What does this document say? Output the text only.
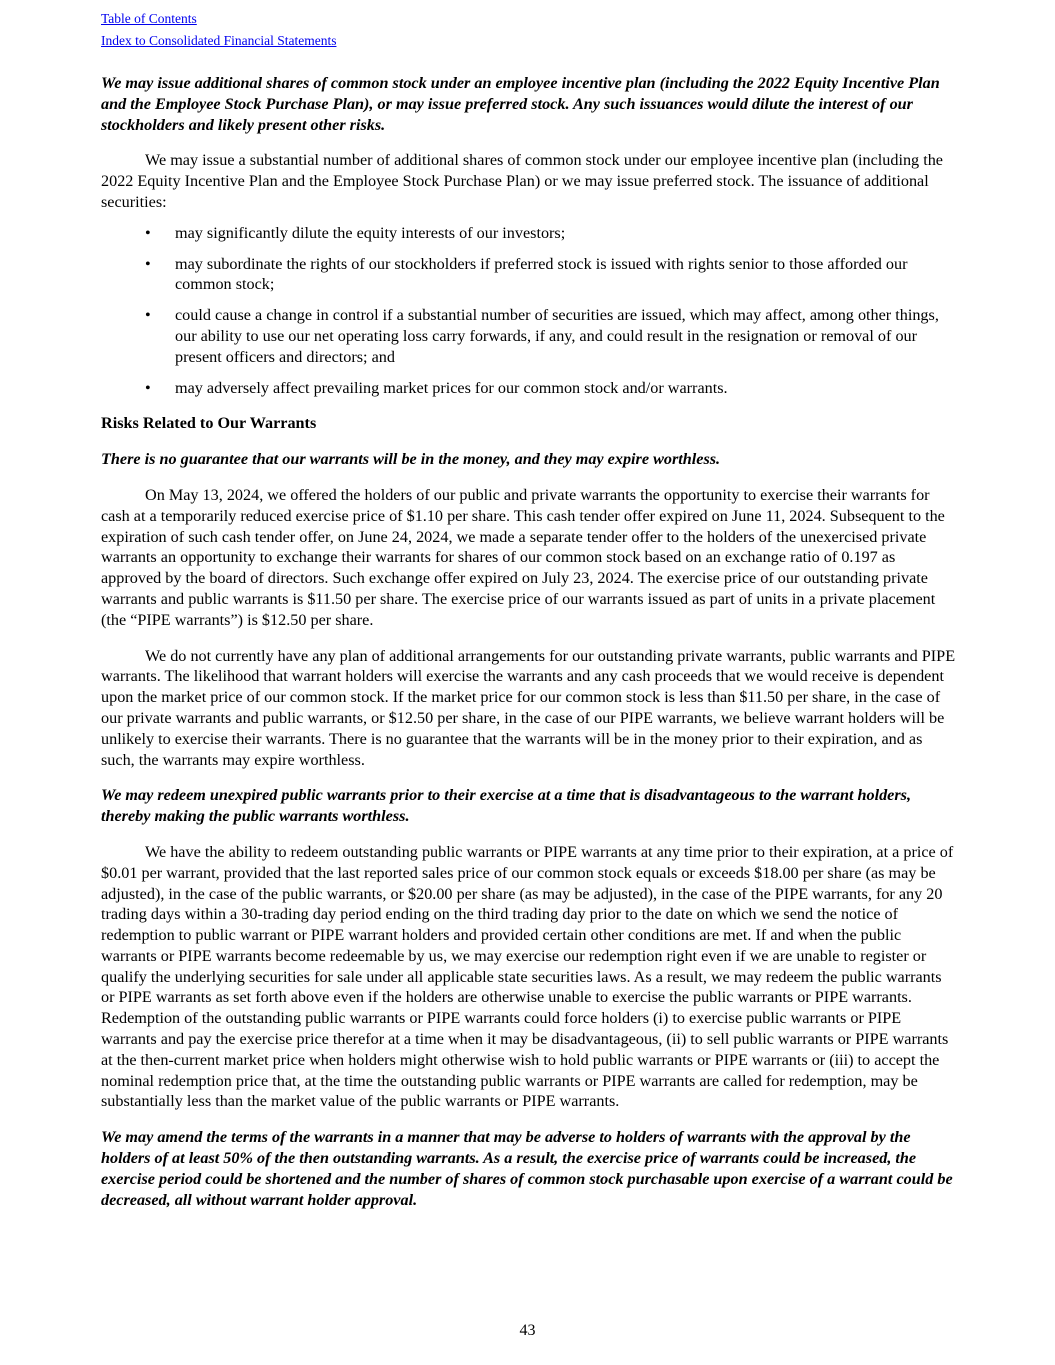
Table of Contents
Index to Consolidated Financial Statements

We may issue additional shares of common stock under an employee incentive plan (including the 2022 Equity Incentive Plan and the Employee Stock Purchase Plan), or may issue preferred stock. Any such issuances would dilute the interest of our stockholders and likely present other risks.

We may issue a substantial number of additional shares of common stock under our employee incentive plan (including the 2022 Equity Incentive Plan and the Employee Stock Purchase Plan) or we may issue preferred stock. The issuance of additional securities:

• may significantly dilute the equity interests of our investors;
• may subordinate the rights of our stockholders if preferred stock is issued with rights senior to those afforded our common stock;
• could cause a change in control if a substantial number of securities are issued, which may affect, among other things, our ability to use our net operating loss carry forwards, if any, and could result in the resignation or removal of our present officers and directors; and
• may adversely affect prevailing market prices for our common stock and/or warrants.

Risks Related to Our Warrants

There is no guarantee that our warrants will be in the money, and they may expire worthless.

On May 13, 2024, we offered the holders of our public and private warrants the opportunity to exercise their warrants for cash at a temporarily reduced exercise price of $1.10 per share. This cash tender offer expired on June 11, 2024. Subsequent to the expiration of such cash tender offer, on June 24, 2024, we made a separate tender offer to the holders of the unexercised private warrants an opportunity to exchange their warrants for shares of our common stock based on an exchange ratio of 0.197 as approved by the board of directors. Such exchange offer expired on July 23, 2024. The exercise price of our outstanding private warrants and public warrants is $11.50 per share. The exercise price of our warrants issued as part of units in a private placement (the “PIPE warrants”) is $12.50 per share.

We do not currently have any plan of additional arrangements for our outstanding private warrants, public warrants and PIPE warrants. The likelihood that warrant holders will exercise the warrants and any cash proceeds that we would receive is dependent upon the market price of our common stock. If the market price for our common stock is less than $11.50 per share, in the case of our private warrants and public warrants, or $12.50 per share, in the case of our PIPE warrants, we believe warrant holders will be unlikely to exercise their warrants. There is no guarantee that the warrants will be in the money prior to their expiration, and as such, the warrants may expire worthless.

We may redeem unexpired public warrants prior to their exercise at a time that is disadvantageous to the warrant holders, thereby making the public warrants worthless.

We have the ability to redeem outstanding public warrants or PIPE warrants at any time prior to their expiration, at a price of $0.01 per warrant, provided that the last reported sales price of our common stock equals or exceeds $18.00 per share (as may be adjusted), in the case of the public warrants, or $20.00 per share (as may be adjusted), in the case of the PIPE warrants, for any 20 trading days within a 30-trading day period ending on the third trading day prior to the date on which we send the notice of redemption to public warrant or PIPE warrant holders and provided certain other conditions are met. If and when the public warrants or PIPE warrants become redeemable by us, we may exercise our redemption right even if we are unable to register or qualify the underlying securities for sale under all applicable state securities laws. As a result, we may redeem the public warrants or PIPE warrants as set forth above even if the holders are otherwise unable to exercise the public warrants or PIPE warrants. Redemption of the outstanding public warrants or PIPE warrants could force holders (i) to exercise public warrants or PIPE warrants and pay the exercise price therefor at a time when it may be disadvantageous, (ii) to sell public warrants or PIPE warrants at the then-current market price when holders might otherwise wish to hold public warrants or PIPE warrants or (iii) to accept the nominal redemption price that, at the time the outstanding public warrants or PIPE warrants are called for redemption, may be substantially less than the market value of the public warrants or PIPE warrants.

We may amend the terms of the warrants in a manner that may be adverse to holders of warrants with the approval by the holders of at least 50% of the then outstanding warrants. As a result, the exercise price of warrants could be increased, the exercise period could be shortened and the number of shares of common stock purchasable upon exercise of a warrant could be decreased, all without warrant holder approval.

43
